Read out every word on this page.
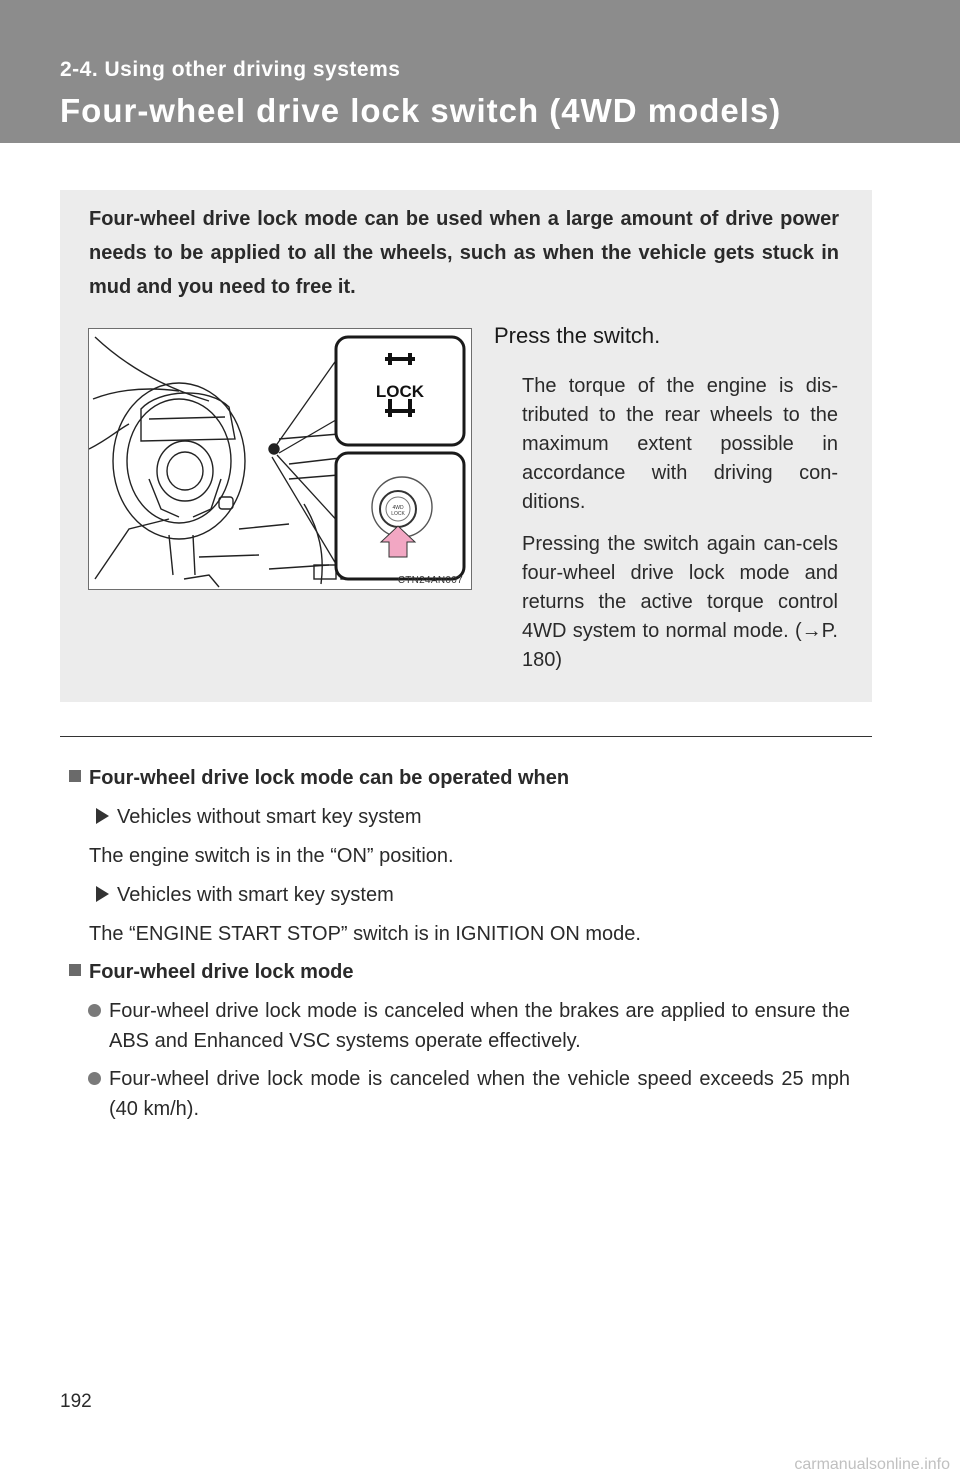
2-4. Using other driving systems
Four-wheel drive lock switch (4WD models)
Four-wheel drive lock mode can be used when a large amount of drive power needs to be applied to all the wheels, such as when the vehicle gets stuck in mud and you need to free it.
LOCK
4WD
LOCK
CTN24AN007
Press the switch.
The torque of the engine is dis-tributed to the rear wheels to the maximum extent possible in accordance with driving con-ditions.
Pressing the switch again can-cels four-wheel drive lock mode and returns the active torque control 4WD system to normal mode. (→P. 180)
Four-wheel drive lock mode can be operated when
Vehicles without smart key system
The engine switch is in the “ON” position.
Vehicles with smart key system
The “ENGINE START STOP” switch is in IGNITION ON mode.
Four-wheel drive lock mode
Four-wheel drive lock mode is canceled when the brakes are applied to ensure the ABS and Enhanced VSC systems operate effectively.
Four-wheel drive lock mode is canceled when the vehicle speed exceeds 25 mph (40 km/h).
192
carmanualsonline.info
